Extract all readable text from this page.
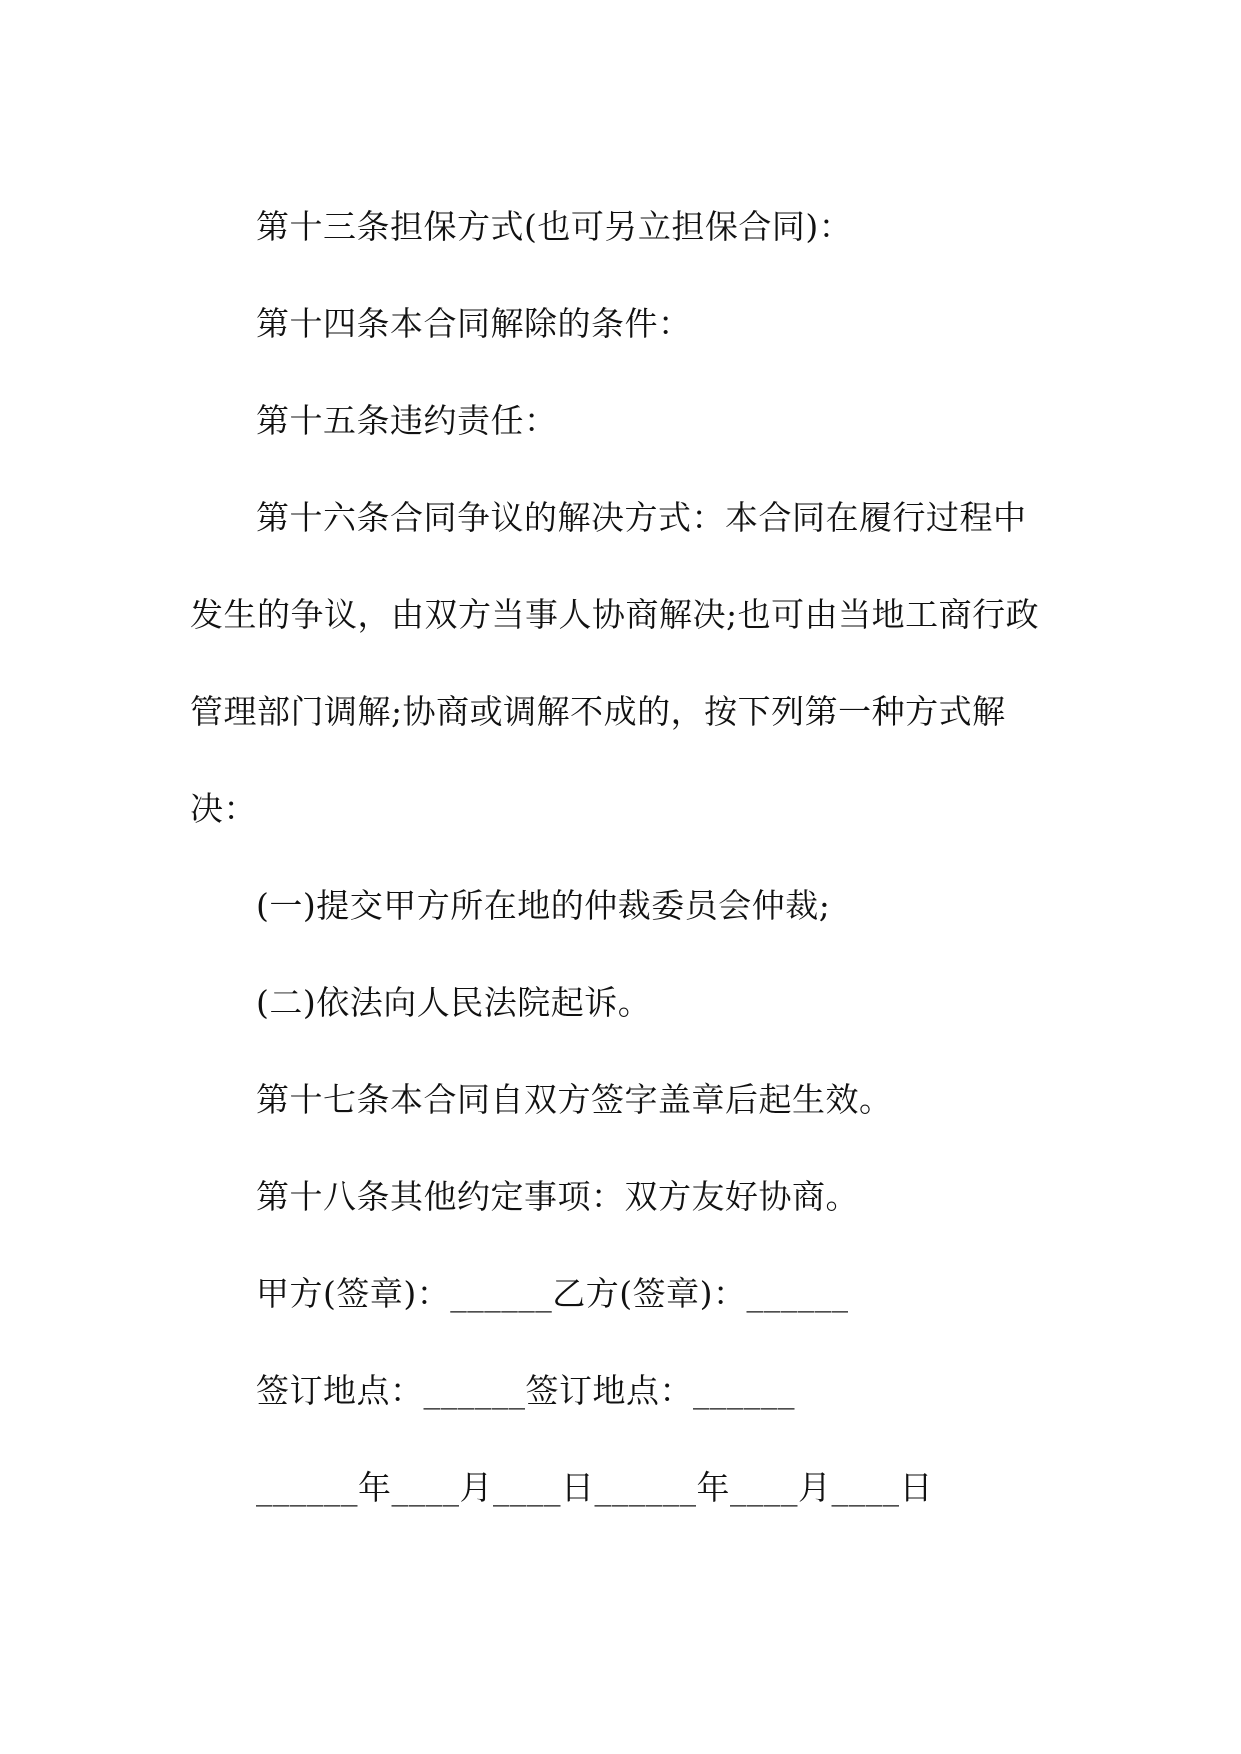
第十三条担保方式(也可另立担保合同)：
第十四条本合同解除的条件：
第十五条违约责任：
第十六条合同争议的解决方式：本合同在履行过程中
发生的争议，由双方当事人协商解决;也可由当地工商行政
管理部门调解;协商或调解不成的，按下列第一种方式解
决：
(一)提交甲方所在地的仲裁委员会仲裁;
(二)依法向人民法院起诉。
第十七条本合同自双方签字盖章后起生效。
第十八条其他约定事项：双方友好协商。
甲方(签章)：______乙方(签章)：______
签订地点：______签订地点：______
______年____月____日______年____月____日
